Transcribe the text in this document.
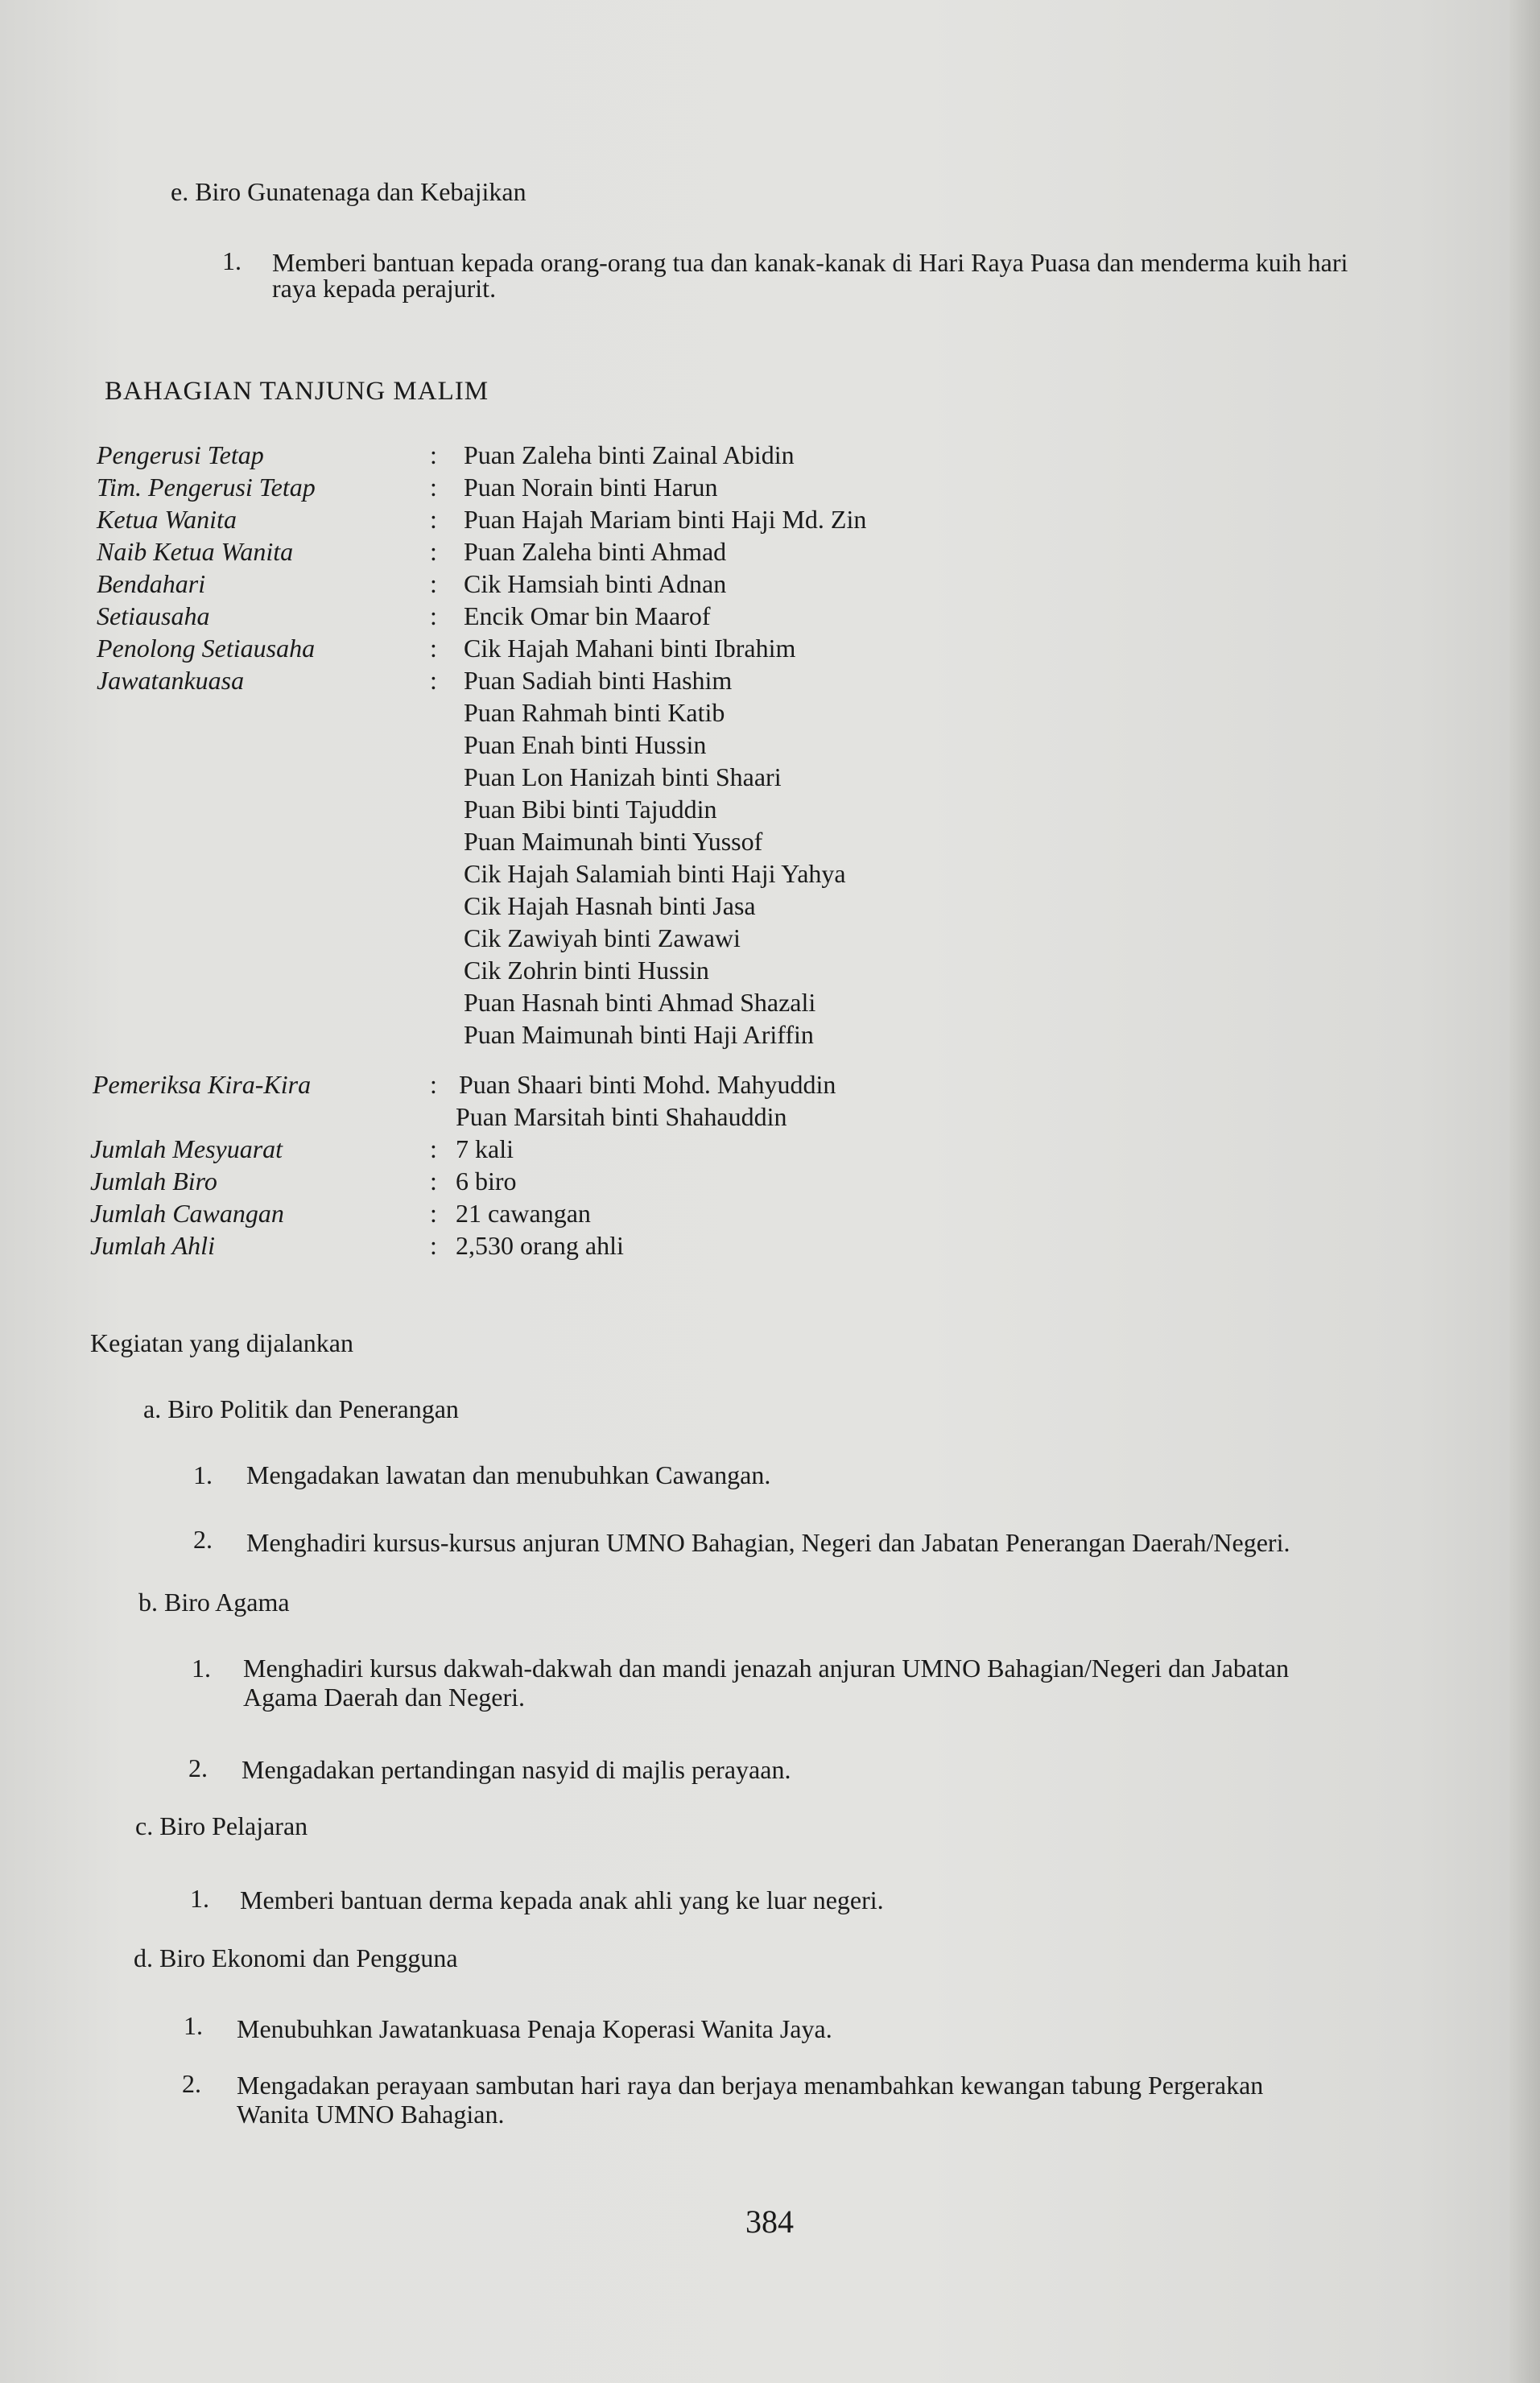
e. Biro Gunatenaga dan Kebajikan
1. Memberi bantuan kepada orang-orang tua dan kanak-kanak di Hari Raya Puasa dan menderma kuih hari
raya kepada perajurit.
BAHAGIAN TANJUNG MALIM
Pengerusi Tetap	: Puan Zaleha binti Zainal Abidin
Tim. Pengerusi Tetap	: Puan Norain binti Harun
Ketua Wanita	: Puan Hajah Mariam binti Haji Md. Zin
Naib Ketua Wanita	: Puan Zaleha binti Ahmad
Bendahari	: Cik Hamsiah binti Adnan
Setiausaha	: Encik Omar bin Maarof
Penolong Setiausaha	: Cik Hajah Mahani binti Ibrahim
Jawatankuasa	: Puan Sadiah binti Hashim
Puan Rahmah binti Katib
Puan Enah binti Hussin
Puan Lon Hanizah binti Shaari
Puan Bibi binti Tajuddin
Puan Maimunah binti Yussof
Cik Hajah Salamiah binti Haji Yahya
Cik Hajah Hasnah binti Jasa
Cik Zawiyah binti Zawawi
Cik Zohrin binti Hussin
Puan Hasnah binti Ahmad Shazali
Puan Maimunah binti Haji Ariffin
Pemeriksa Kira-Kira	: Puan Shaari binti Mohd. Mahyuddin
Puan Marsitah binti Shahauddin
Jumlah Mesyuarat	: 7 kali
Jumlah Biro	: 6 biro
Jumlah Cawangan	: 21 cawangan
Jumlah Ahli	: 2,530 orang ahli
Kegiatan yang dijalankan
a. Biro Politik dan Penerangan
1. Mengadakan lawatan dan menubuhkan Cawangan.
2. Menghadiri kursus-kursus anjuran UMNO Bahagian, Negeri dan Jabatan Penerangan Daerah/Negeri.
b. Biro Agama
1. Menghadiri kursus dakwah-dakwah dan mandi jenazah anjuran UMNO Bahagian/Negeri dan Jabatan
Agama Daerah dan Negeri.
2. Mengadakan pertandingan nasyid di majlis perayaan.
c. Biro Pelajaran
1. Memberi bantuan derma kepada anak ahli yang ke luar negeri.
d. Biro Ekonomi dan Pengguna
1. Menubuhkan Jawatankuasa Penaja Koperasi Wanita Jaya.
2. Mengadakan perayaan sambutan hari raya dan berjaya menambahkan kewangan tabung Pergerakan
Wanita UMNO Bahagian.
384
